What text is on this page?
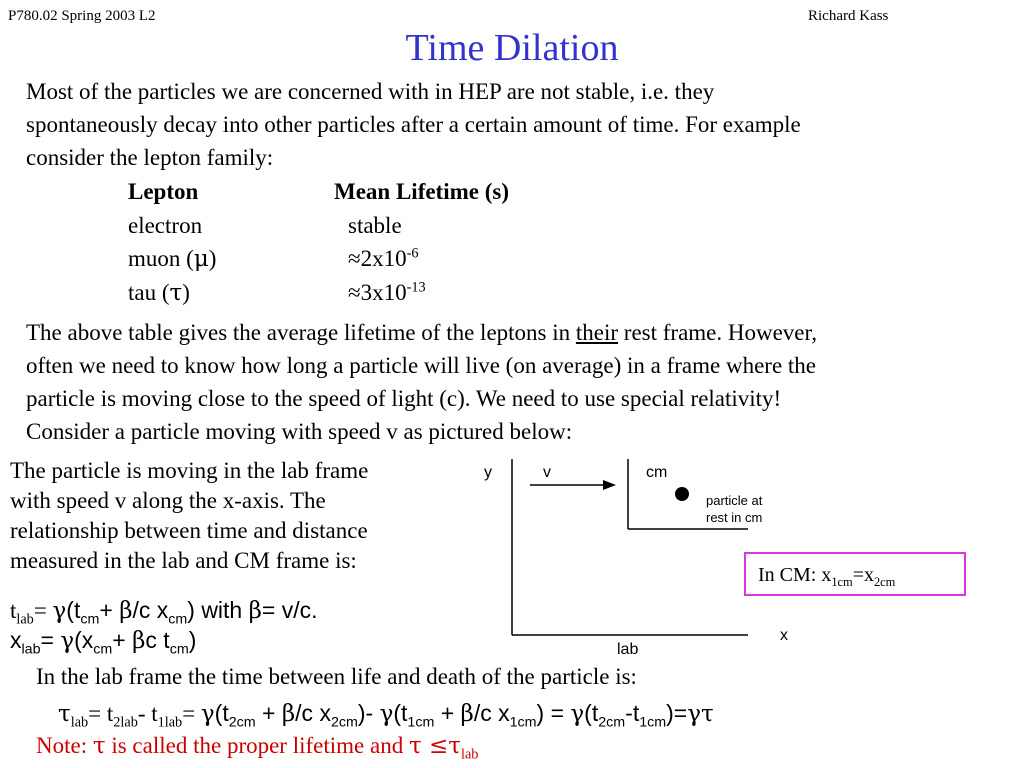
P780.02 Spring 2003 L2	Richard Kass
Time Dilation
Most of the particles we are concerned with in HEP are not stable, i.e. they
spontaneously decay into other particles after a certain amount of time. For example
consider the lepton family:
Lepton	Mean Lifetime (s)
electron	stable
muon (μ)	$\approx 2x10^{-6}$
tau (τ)	$\approx 3x10^{-13}$
The above table gives the average lifetime of the leptons in their rest frame. However,
often we need to know how long a particle will live (on average) in a frame where the
particle is moving close to the speed of light (c). We need to use special relativity!
Consider a particle moving with speed v as pictured below:
The particle is moving in the lab frame
with speed v along the x-axis. The
relationship between time and distance
measured in the lab and CM frame is:
$t_{lab}= \gamma(t_{cm}+ \beta/c$ $x_{cm}$) with β= v/c.
$x_{lab}= \gamma(x_{cm}+ \beta c$ $t_{cm}$)
y	v	cm
particle at
rest in cm
x
lab
In CM: $x_{1cm}=x_{2cm}$
In the lab frame the time between life and death of the particle is:
$\tau_{lab}= t_{2lab}-$ $t_{1lab}= \gamma(t_{2cm} + \beta/c$ $x_{2cm})-$ $\gamma(t_{1cm} + \beta/c$ $x_{1cm}) = \gamma(t_{2cm}-t_{1cm})=\gamma\tau$
Note: τ is called the proper lifetime and $\tau \le\tau_{lab}$
